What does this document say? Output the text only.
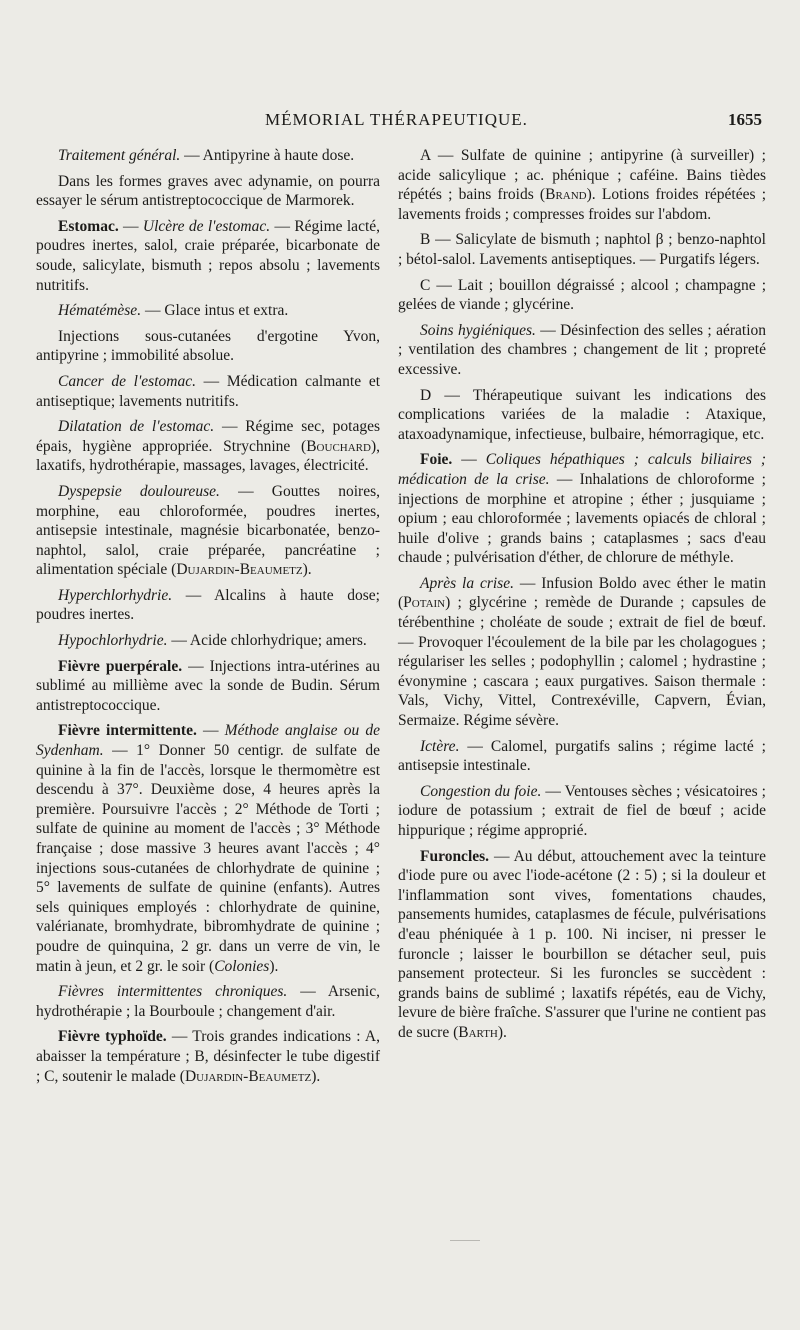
MÉMORIAL THÉRAPEUTIQUE.	1655

Traitement général. — Antipyrine à haute dose.

Dans les formes graves avec adynamie, on pourra essayer le sérum antistreptococcique de Marmorek.

Estomac. — Ulcère de l'estomac. — Régime lacté, poudres inertes, salol, craie préparée, bicarbonate de soude, salicylate, bismuth ; repos absolu ; lavements nutritifs.

Hématémèse. — Glace intus et extra.

Injections sous-cutanées d'ergotine Yvon, antipyrine ; immobilité absolue.

Cancer de l'estomac. — Médication calmante et antiseptique; lavements nutritifs.

Dilatation de l'estomac. — Régime sec, potages épais, hygiène appropriée. Strychnine (Bouchard), laxatifs, hydrothérapie, massages, lavages, électricité.

Dyspepsie douloureuse. — Gouttes noires, morphine, eau chloroformée, poudres inertes, antisepsie intestinale, magnésie bicarbonatée, benzo-naphtol, salol, craie préparée, pancréatine ; alimentation spéciale (Dujardin-Beaumetz).

Hyperchlorhydrie. — Alcalins à haute dose; poudres inertes.

Hypochlorhydrie. — Acide chlorhydrique; amers.

Fièvre puerpérale. — Injections intra-utérines au sublimé au millième avec la sonde de Budin. Sérum antistreptococcique.

Fièvre intermittente. — Méthode anglaise ou de Sydenham. — 1° Donner 50 centigr. de sulfate de quinine à la fin de l'accès, lorsque le thermomètre est descendu à 37°. Deuxième dose, 4 heures après la première. Poursuivre l'accès ; 2° Méthode de Torti ; sulfate de quinine au moment de l'accès ; 3° Méthode française ; dose massive 3 heures avant l'accès ; 4° injections sous-cutanées de chlorhydrate de quinine ; 5° lavements de sulfate de quinine (enfants). Autres sels quiniques employés : chlorhydrate de quinine, valérianate, bromhydrate, bibromhydrate de quinine ; poudre de quinquina, 2 gr. dans un verre de vin, le matin à jeun, et 2 gr. le soir (Colonies).

Fièvres intermittentes chroniques. — Arsenic, hydrothérapie ; la Bourboule ; changement d'air.

Fièvre typhoïde. — Trois grandes indications : A, abaisser la température ; B, désinfecter le tube digestif ; C, soutenir le malade (Dujardin-Beaumetz).

A — Sulfate de quinine ; antipyrine (à surveiller) ; acide salicylique ; ac. phénique ; caféine. Bains tièdes répétés ; bains froids (Brand). Lotions froides répétées ; lavements froids ; compresses froides sur l'abdom.

B — Salicylate de bismuth ; naphtol β ; benzo-naphtol ; bétol-salol. Lavements antiseptiques. — Purgatifs légers.

C — Lait ; bouillon dégraissé ; alcool ; champagne ; gelées de viande ; glycérine.

Soins hygiéniques. — Désinfection des selles ; aération ; ventilation des chambres ; changement de lit ; propreté excessive.

D — Thérapeutique suivant les indications des complications variées de la maladie : Ataxique, ataxoadynamique, infectieuse, bulbaire, hémorragique, etc.

Foie. — Coliques hépathiques ; calculs biliaires ; médication de la crise. — Inhalations de chloroforme ; injections de morphine et atropine ; éther ; jusquiame ; opium ; eau chloroformée ; lavements opiacés de chloral ; huile d'olive ; grands bains ; cataplasmes ; sacs d'eau chaude ; pulvérisation d'éther, de chlorure de méthyle.

Après la crise. — Infusion Boldo avec éther le matin (Potain) ; glycérine ; remède de Durande ; capsules de térébenthine ; choléate de soude ; extrait de fiel de bœuf. — Provoquer l'écoulement de la bile par les cholagogues ; régulariser les selles ; podophyllin ; calomel ; hydrastine ; évonymine ; cascara ; eaux purgatives. Saison thermale : Vals, Vichy, Vittel, Contrexéville, Capvern, Évian, Sermaize. Régime sévère.

Ictère. — Calomel, purgatifs salins ; régime lacté ; antisepsie intestinale.

Congestion du foie. — Ventouses sèches ; vésicatoires ; iodure de potassium ; extrait de fiel de bœuf ; acide hippurique ; régime approprié.

Furoncles. — Au début, attouchement avec la teinture d'iode pure ou avec l'iode-acétone (2 : 5) ; si la douleur et l'inflammation sont vives, fomentations chaudes, pansements humides, cataplasmes de fécule, pulvérisations d'eau phéniquée à 1 p. 100. Ni inciser, ni presser le furoncle ; laisser le bourbillon se détacher seul, puis pansement protecteur. Si les furoncles se succèdent : grands bains de sublimé ; laxatifs répétés, eau de Vichy, levure de bière fraîche. S'assurer que l'urine ne contient pas de sucre (Barth).
